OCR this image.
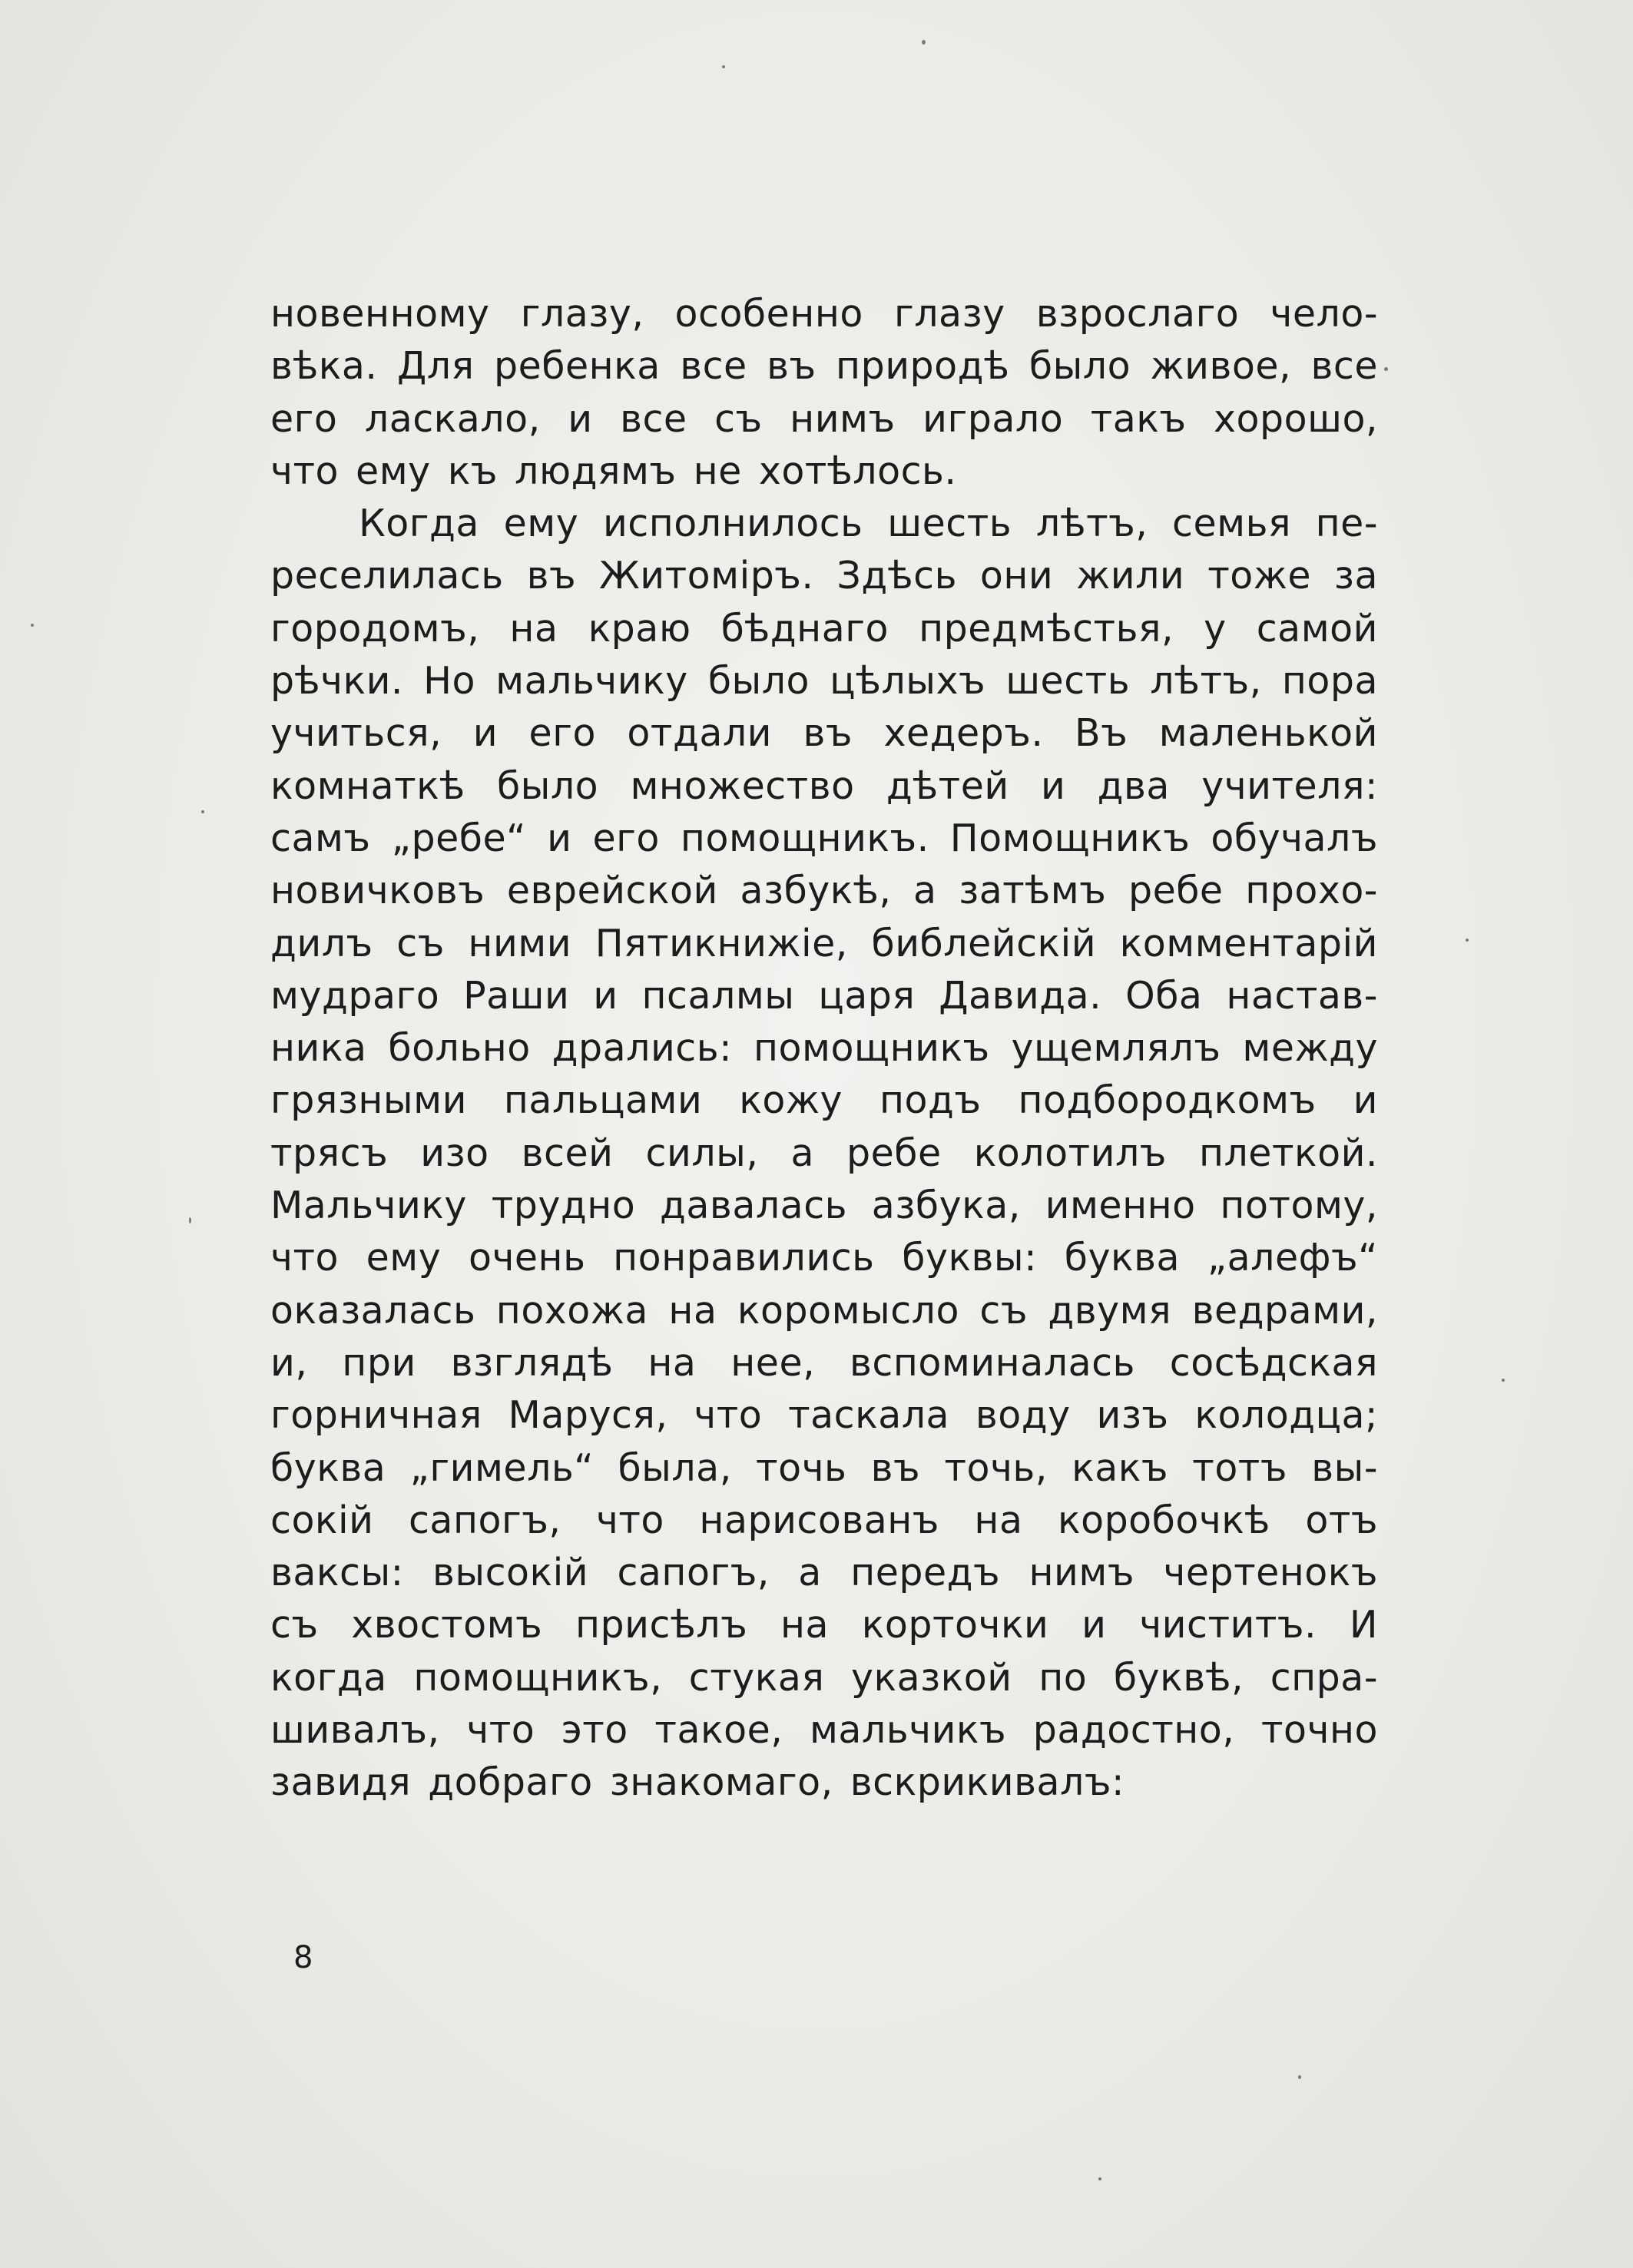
новенному глазу, особенно глазу взрослаго чело-
вѣка. Для ребенка все въ природѣ было живое, все
его ласкало, и все съ нимъ играло такъ хорошо,
что ему къ людямъ не хотѣлось.
Когда ему исполнилось шесть лѣтъ, семья пе-
реселилась въ Житоміръ. Здѣсь они жили тоже за
городомъ, на краю бѣднаго предмѣстья, у самой
рѣчки. Но мальчику было цѣлыхъ шесть лѣтъ, пора
учиться, и его отдали въ хедеръ. Въ маленькой
комнаткѣ было множество дѣтей и два учителя:
самъ „ребе“ и его помощникъ. Помощникъ обучалъ
новичковъ еврейской азбукѣ, а затѣмъ ребе прохо-
дилъ съ ними Пятикнижіе, библейскій комментарій
мудраго Раши и псалмы царя Давида. Оба настав-
ника больно дрались: помощникъ ущемлялъ между
грязными пальцами кожу подъ подбородкомъ и
трясъ изо всей силы, а ребе колотилъ плеткой.
Мальчику трудно давалась азбука, именно потому,
что ему очень понравились буквы: буква „алефъ“
оказалась похожа на коромысло съ двумя ведрами,
и, при взглядѣ на нее, вспоминалась сосѣдская
горничная Маруся, что таскала воду изъ колодца;
буква „гимель“ была, точь въ точь, какъ тотъ вы-
сокій сапогъ, что нарисованъ на коробочкѣ отъ
ваксы: высокій сапогъ, а передъ нимъ чертенокъ
съ хвостомъ присѣлъ на корточки и чиститъ. И
когда помощникъ, стукая указкой по буквѣ, спра-
шивалъ, что это такое, мальчикъ радостно, точно
завидя добраго знакомаго, вскрикивалъ:
8
